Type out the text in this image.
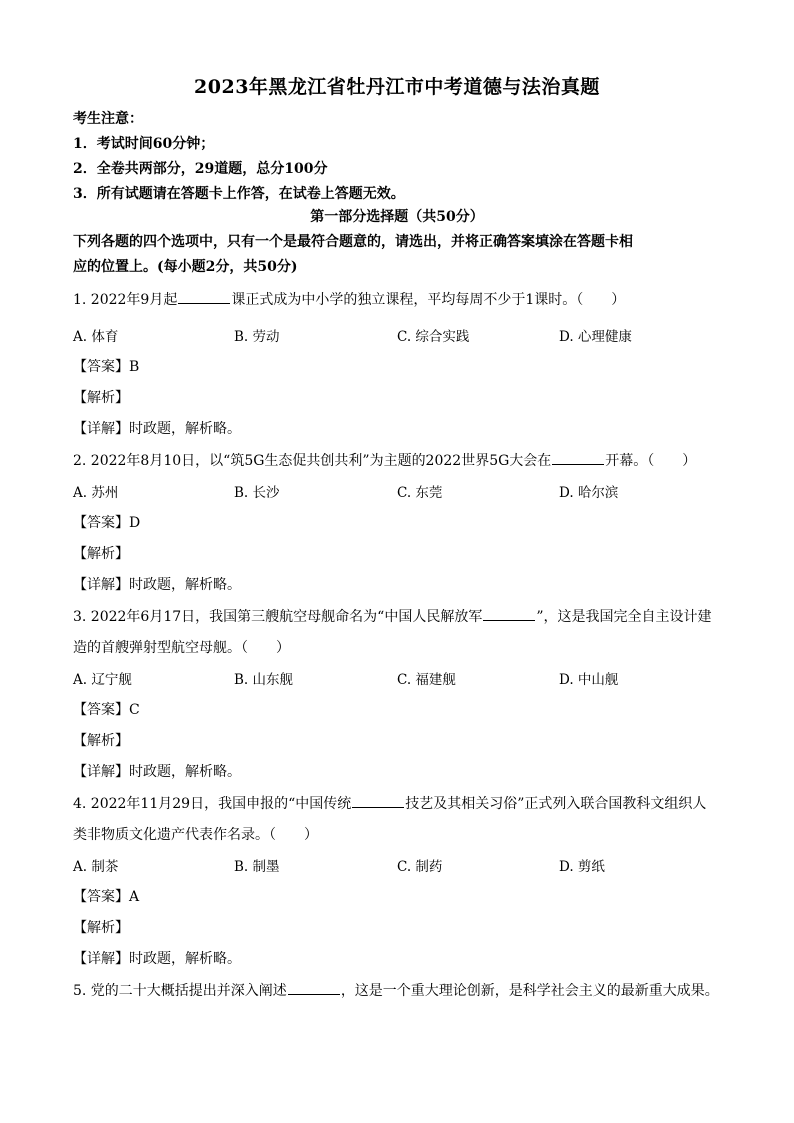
2023年黑龙江省牡丹江市中考道德与法治真题
考生注意：
1．考试时间60分钟；
2．全卷共两部分，29道题，总分100分
3．所有试题请在答题卡上作答，在试卷上答题无效。
第一部分选择题（共50分）
下列各题的四个选项中，只有一个是最符合题意的，请选出，并将正确答案填涂在答题卡相
应的位置上。(每小题2分，共50分)
1. 2022年9月起	课正式成为中小学的独立课程，平均每周不少于1课时。（　　）
A. 体育	B. 劳动	C. 综合实践	D. 心理健康
【答案】B
【解析】
【详解】时政题，解析略。
2. 2022年8月10日，以“筑5G生态促共创共利”为主题的2022世界5G大会在	开幕。（　　）
A. 苏州	B. 长沙	C. 东莞	D. 哈尔滨
【答案】D
【解析】
【详解】时政题，解析略。
3. 2022年6月17日，我国第三艘航空母舰命名为“中国人民解放军	”，这是我国完全自主设计建
造的首艘弹射型航空母舰。（　　）
A. 辽宁舰	B. 山东舰	C. 福建舰	D. 中山舰
【答案】C
【解析】
【详解】时政题，解析略。
4. 2022年11月29日，我国申报的“中国传统	技艺及其相关习俗”正式列入联合国教科文组织人
类非物质文化遗产代表作名录。（　　）
A. 制茶	B. 制墨	C. 制药	D. 剪纸
【答案】A
【解析】
【详解】时政题，解析略。
5. 党的二十大概括提出并深入阐述	，这是一个重大理论创新，是科学社会主义的最新重大成果。
